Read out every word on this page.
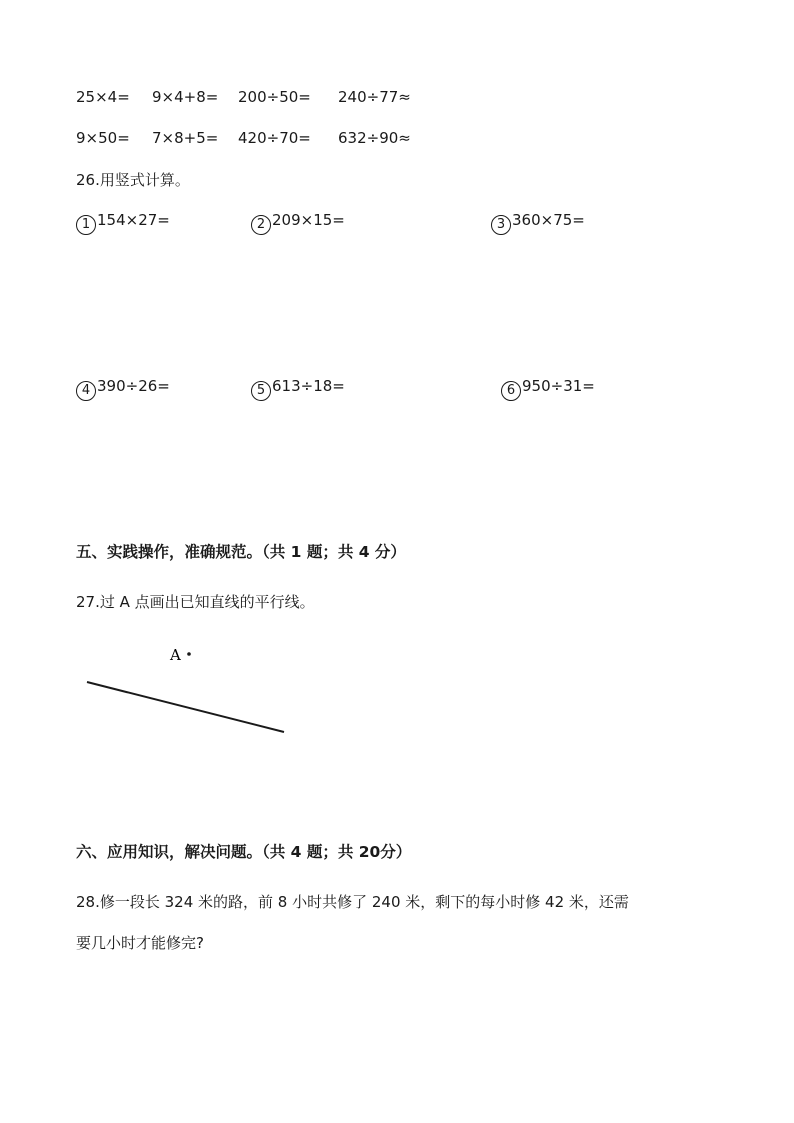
25×4= 9×4+8= 200÷50= 240÷77≈
9×50= 7×8+5= 420÷70= 632÷90≈
26.用竖式计算。
1 154×27=	2 209×15=	3 360×75=
4 390÷26=	5 613÷18=	6 950÷31=
五、实践操作，准确规范。（共 1 题；共 4 分）
27.过 A 点画出已知直线的平行线。
A
六、应用知识，解决问题。（共 4 题；共 20分）
28.修一段长 324 米的路，前 8 小时共修了 240 米，剩下的每小时修 42 米，还需
要几小时才能修完?
